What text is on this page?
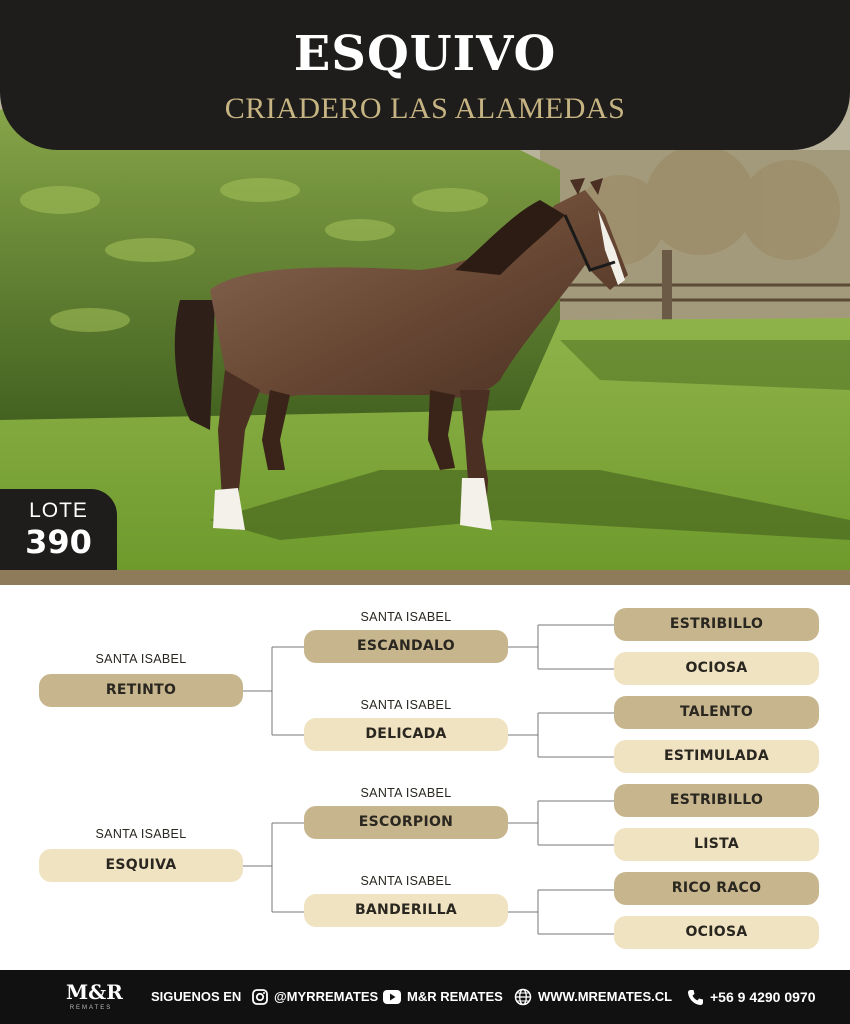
ESQUIVO
CRIADERO LAS ALAMEDAS
LOTE
390
SANTA ISABEL
RETINTO
SANTA ISABEL
ESQUIVA
SANTA ISABEL
ESCANDALO
SANTA ISABEL
DELICADA
SANTA ISABEL
ESCORPION
SANTA ISABEL
BANDERILLA
ESTRIBILLO
OCIOSA
TALENTO
ESTIMULADA
ESTRIBILLO
LISTA
RICO RACO
OCIOSA
M&R
REMATES
SIGUENOS EN	@MYRREMATES M&R REMATES	WWW.MREMATES.CL	+56 9 4290 0970
